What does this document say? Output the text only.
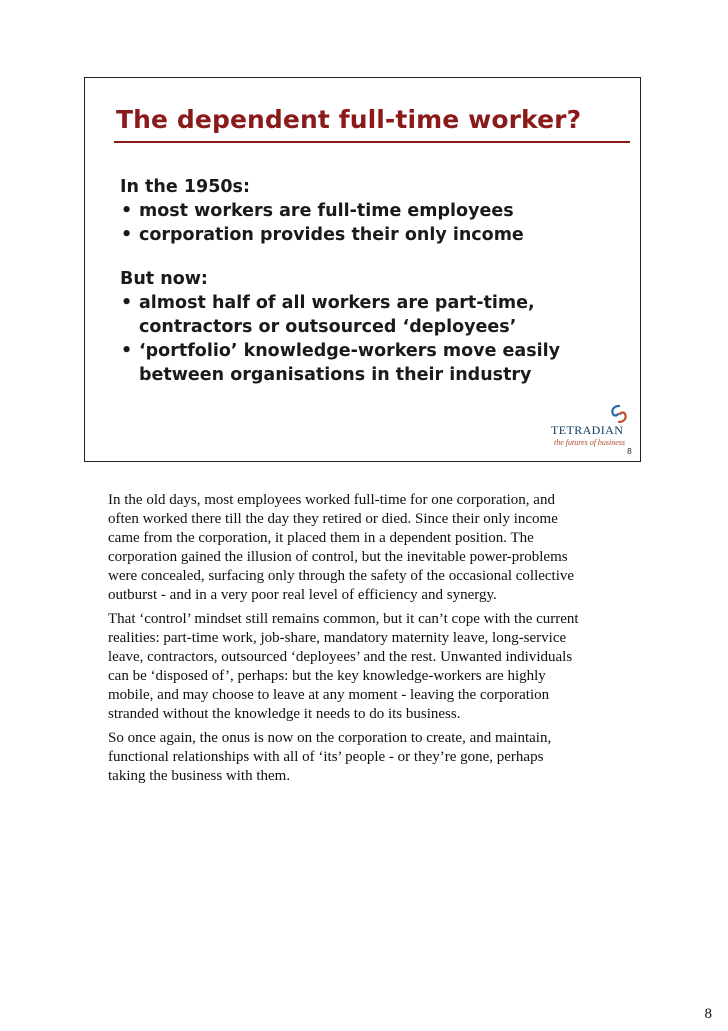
The dependent full-time worker?

In the 1950s:

• most workers are full-time employees
• corporation provides their only income

But now:

• almost half of all workers are part-time,
contractors or outsourced ‘deployees’
• ‘portfolio’ knowledge-workers move easily
between organisations in their industry
TETRADIAN
the futures of business
8

In the old days, most employees worked full-time for one corporation, and
often worked there till the day they retired or died. Since their only income
came from the corporation, it placed them in a dependent position. The
corporation gained the illusion of control, but the inevitable power-problems
were concealed, surfacing only through the safety of the occasional collective
outburst - and in a very poor real level of efficiency and synergy.

That ‘control’ mindset still remains common, but it can’t cope with the current
realities: part-time work, job-share, mandatory maternity leave, long-service
leave, contractors, outsourced ‘deployees’ and the rest. Unwanted individuals
can be ‘disposed of’, perhaps: but the key knowledge-workers are highly
mobile, and may choose to leave at any moment - leaving the corporation
stranded without the knowledge it needs to do its business.

So once again, the onus is now on the corporation to create, and maintain,
functional relationships with all of ‘its’ people - or they’re gone, perhaps
taking the business with them.

8
